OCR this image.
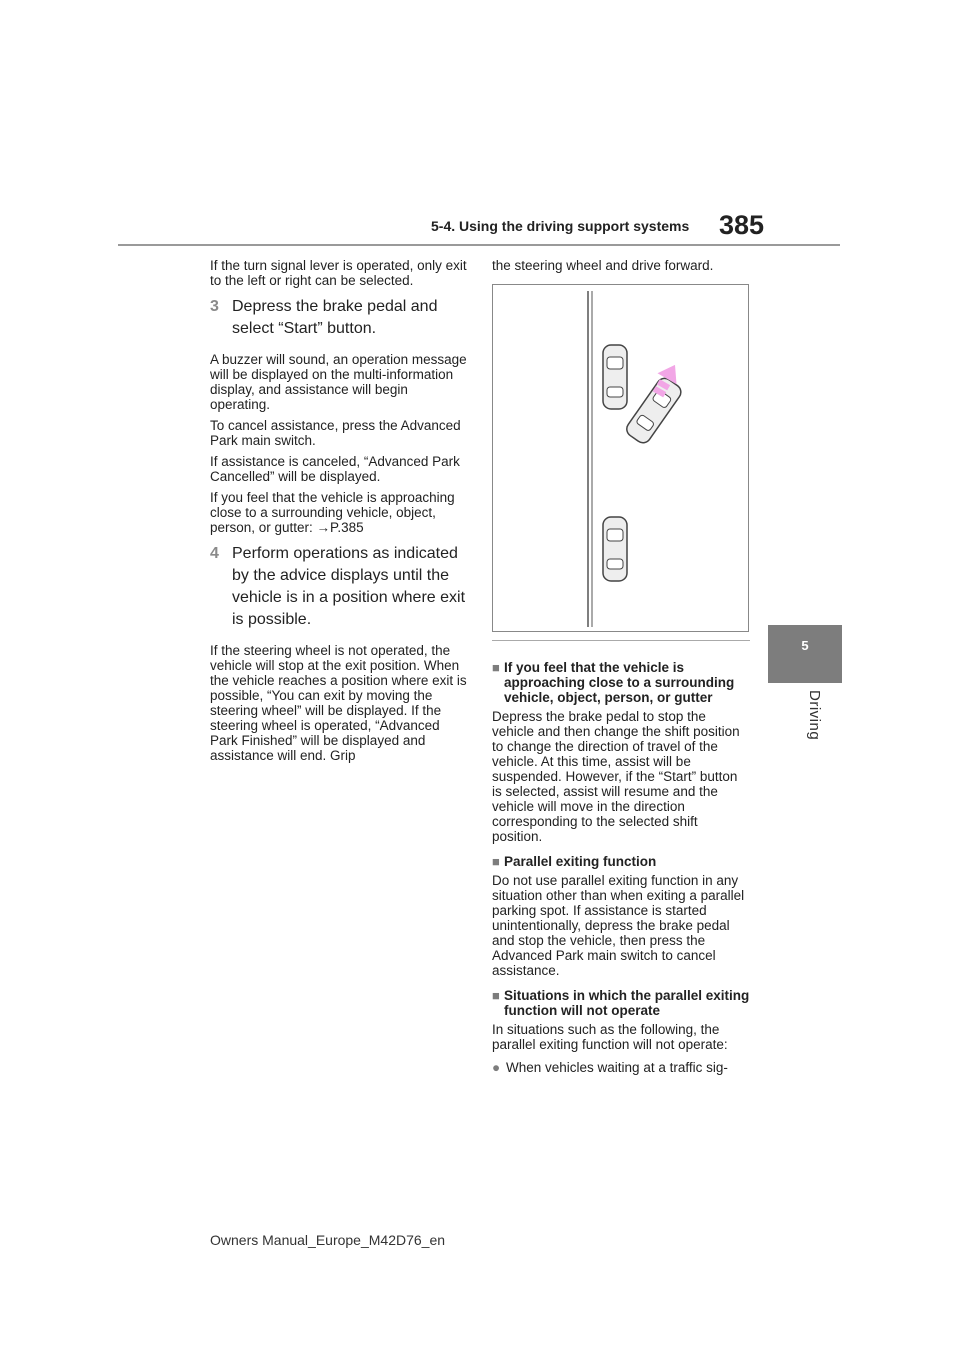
5-4. Using the driving support systems 385
5
Driving

If the turn signal lever is operated, only exit to the left or right can be selected.

3 Depress the brake pedal and select “Start” button.

A buzzer will sound, an operation message will be displayed on the multi-information display, and assistance will begin operating.

To cancel assistance, press the Advanced Park main switch.

If assistance is canceled, “Advanced Park Cancelled” will be displayed.

If you feel that the vehicle is approaching close to a surrounding vehicle, object, person, or gutter: →P.385

4 Perform operations as indicated by the advice displays until the vehicle is in a position where exit is possible.

If the steering wheel is not operated, the vehicle will stop at the exit position. When the vehicle reaches a position where exit is possible, “You can exit by moving the steering wheel” will be displayed. If the steering wheel is operated, “Advanced Park Finished” will be displayed and assistance will end. Grip

the steering wheel and drive forward.

■ If you feel that the vehicle is approaching close to a surrounding vehicle, object, person, or gutter

Depress the brake pedal to stop the vehicle and then change the shift position to change the direction of travel of the vehicle. At this time, assist will be suspended. However, if the “Start” button is selected, assist will resume and the vehicle will move in the direction corresponding to the selected shift position.

■ Parallel exiting function

Do not use parallel exiting function in any situation other than when exiting a parallel parking spot. If assistance is started unintentionally, depress the brake pedal and stop the vehicle, then press the Advanced Park main switch to cancel assistance.

■ Situations in which the parallel exiting function will not operate

In situations such as the following, the parallel exiting function will not operate:

● When vehicles waiting at a traffic sig-
Owners Manual_Europe_M42D76_en
